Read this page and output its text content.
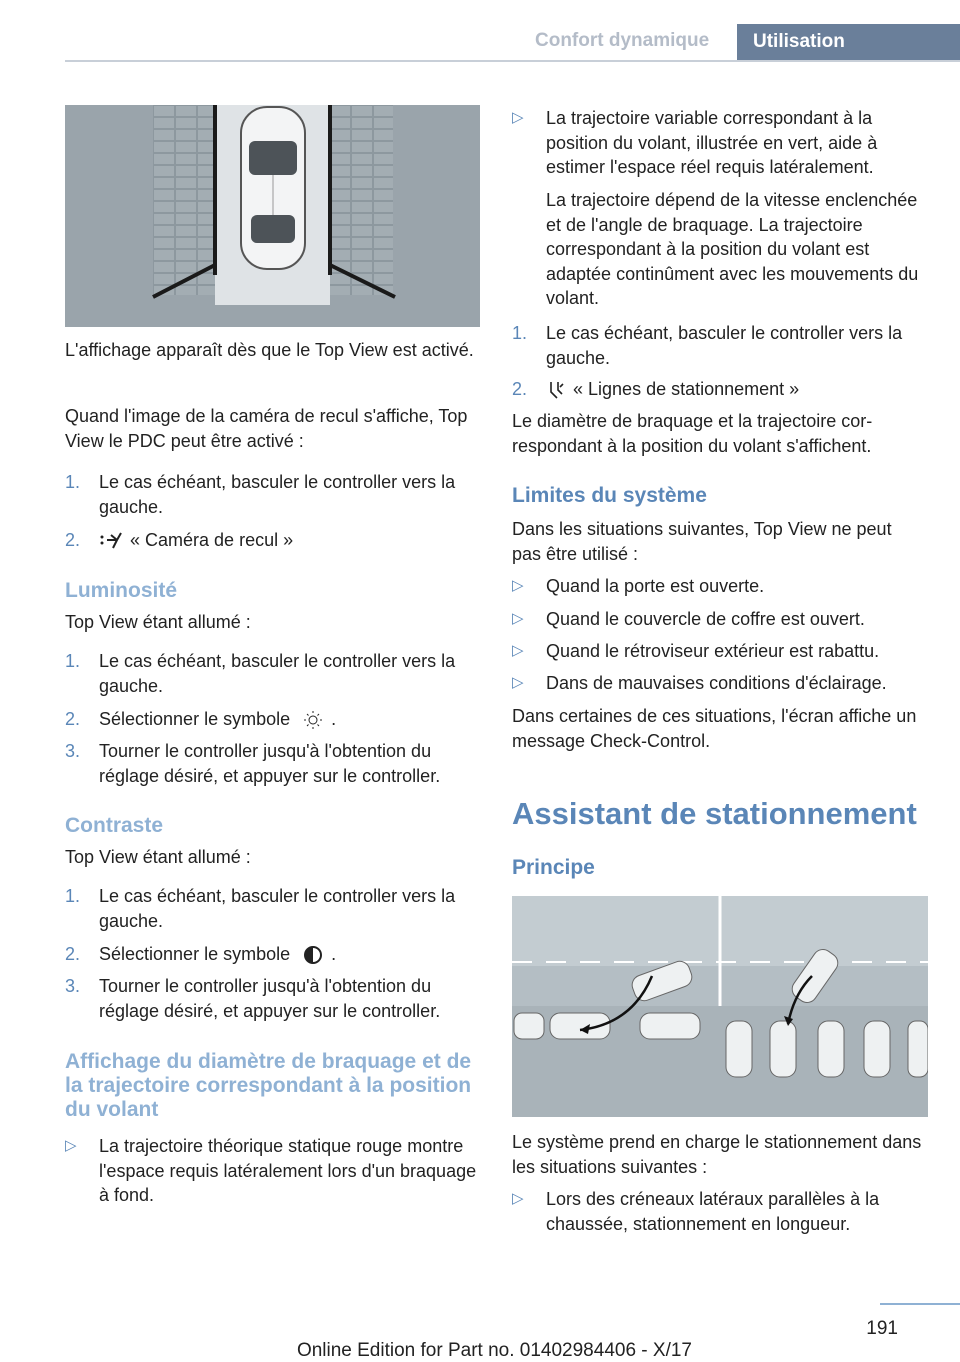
Confort dynamique	Utilisation

L'affichage apparaît dès que le Top View est activé.

Quand l'image de la caméra de recul s'affiche, Top View le PDC peut être activé :

1. Le cas échéant, basculer le controller vers la gauche.
2.	« Caméra de recul »
Luminosité

Top View étant allumé :

1. Le cas échéant, basculer le controller vers la gauche.
2. Sélectionner le symbole .
3. Tourner le controller jusqu'à l'obtention du réglage désiré, et appuyer sur le controller.
Contraste

Top View étant allumé :

1. Le cas échéant, basculer le controller vers la gauche.
2. Sélectionner le symbole .
3. Tourner le controller jusqu'à l'obtention du réglage désiré, et appuyer sur le controller.
Affichage du diamètre de braquage et de la trajectoire correspondant à la position du volant
▷ La trajectoire théorique statique rouge montre l'espace requis latéralement lors d'un braquage à fond.
▷ La trajectoire variable correspondant à la position du volant, illustrée en vert, aide à estimer l'espace réel requis latéralement.

La trajectoire dépend de la vitesse enclenchée et de l'angle de braquage. La trajectoire correspondant à la position du volant est adaptée continûment avec les mouvements du volant.

1. Le cas échéant, basculer le controller vers la gauche.
2.	« Lignes de stationnement »

Le diamètre de braquage et la trajectoire correspondant à la position du volant s'affichent.

Limites du système

Dans les situations suivantes, Top View ne peut pas être utilisé :

▷ Quand la porte est ouverte.
▷ Quand le couvercle de coffre est ouvert.
▷ Quand le rétroviseur extérieur est rabattu.
▷ Dans de mauvaises conditions d'éclairage.

Dans certaines de ces situations, l'écran affiche un message Check-Control.

Assistant de stationnement
Principe

Le système prend en charge le stationnement dans les situations suivantes :

▷ Lors des créneaux latéraux parallèles à la chaussée, stationnement en longueur.
191
Online Edition for Part no. 01402984406 - X/17
